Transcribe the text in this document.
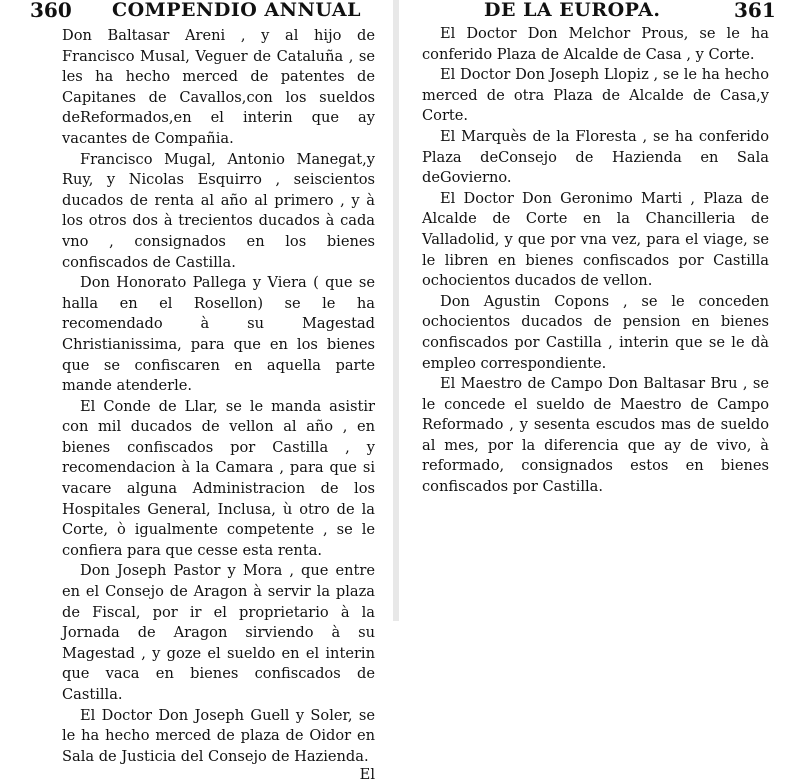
360 COMPENDIO ANNUAL

Don Baltasar Areni , y al hijo de Francisco Musal, Veguer de Cataluña , se les ha hecho merced de patentes de Capitanes de Cavallos,con los sueldos deReformados,en el interin que ay vacantes de Compañia.

Francisco Mugal, Antonio Manegat,y Ruy, y Nicolas Esquirro , seiscientos ducados de renta al año al primero , y à los otros dos à trecientos ducados à cada vno , consignados en los bienes confiscados de Castilla.

Don Honorato Pallega y Viera ( que se halla en el Rosellon) se le ha recomendado à su Magestad Christianissima, para que en los bienes que se confiscaren en aquella parte mande atenderle.

El Conde de Llar, se le manda asistir con mil ducados de vellon al año , en bienes confiscados por Castilla , y recomendacion à la Camara , para que si vacare alguna Administracion de los Hospitales General, Inclusa, ù otro de la Corte, ò igualmente competente , se le confiera para que cesse esta renta.

Don Joseph Pastor y Mora , que entre en el Consejo de Aragon à servir la plaza de Fiscal, por ir el proprietario à la Jornada de Aragon sirviendo à su Magestad , y goze el sueldo en el interin que vaca en bienes confiscados de Castilla.

El Doctor Don Joseph Guell y Soler, se le ha hecho merced de plaza de Oidor en Sala de Justicia del Consejo de Hazienda.

El
DE LA EUROPA.	361

El Doctor Don Melchor Prous, se le ha conferido Plaza de Alcalde de Casa , y Corte.

El Doctor Don Joseph Llopiz , se le ha hecho merced de otra Plaza de Alcalde de Casa,y Corte.

El Marquès de la Floresta , se ha conferido Plaza deConsejo de Hazienda en Sala deGovierno.

El Doctor Don Geronimo Marti , Plaza de Alcalde de Corte en la Chancilleria de Valladolid, y que por vna vez, para el viage, se le libren en bienes confiscados por Castilla ochocientos ducados de vellon.

Don Agustin Copons , se le conceden ochocientos ducados de pension en bienes confiscados por Castilla , interin que se le dà empleo correspondiente.

El Maestro de Campo Don Baltasar Bru , se le concede el sueldo de Maestro de Campo Reformado , y sesenta escudos mas de sueldo al mes, por la diferencia que ay de vivo, à reformado, consignados estos en bienes confiscados por Castilla.
